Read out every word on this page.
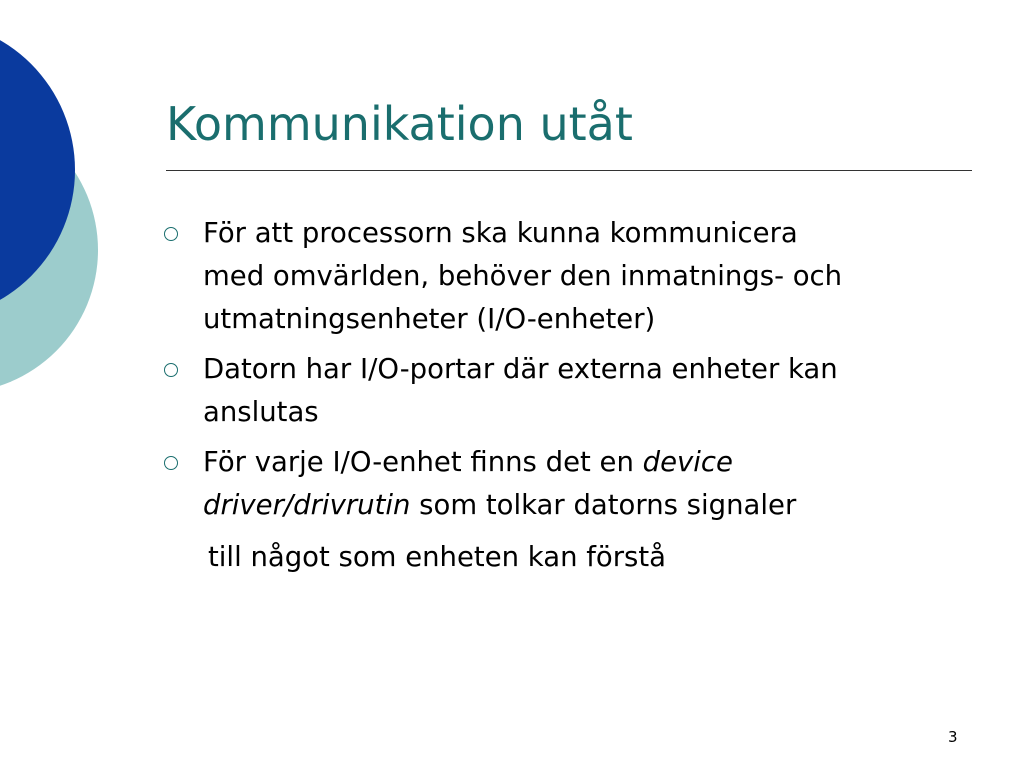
Kommunikation utåt
För att processorn ska kunna kommunicera
med omvärlden, behöver den inmatnings- och
utmatningsenheter (I/O-enheter)
Datorn har I/O-portar där externa enheter kan
anslutas
För varje I/O-enhet finns det en device
driver/drivrutin som tolkar datorns signaler
till något som enheten kan förstå
3
